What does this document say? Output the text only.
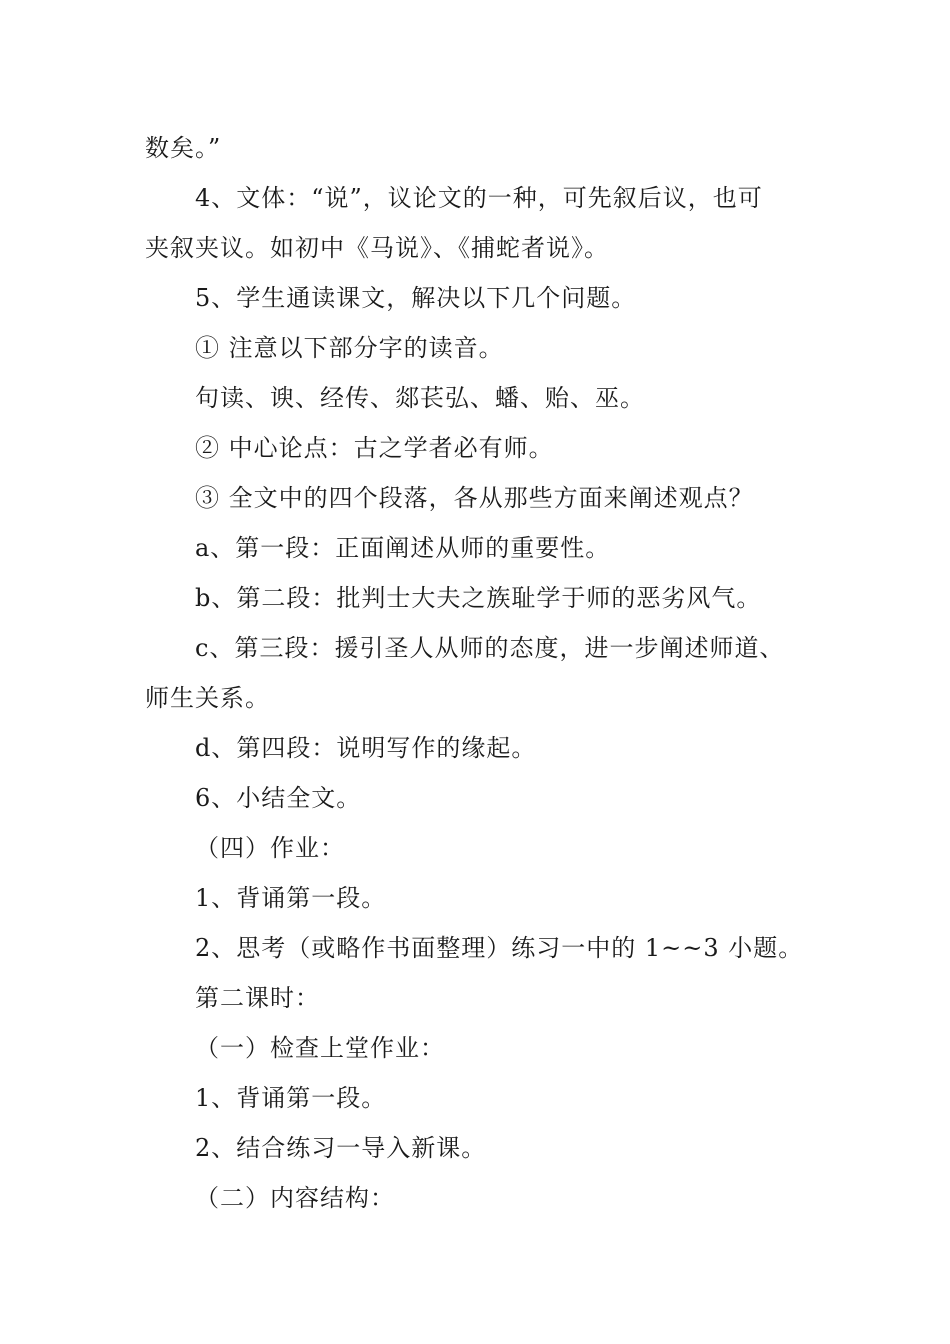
数矣。”
4、文体：“说”，议论文的一种，可先叙后议，也可
夹叙夹议。如初中《马说》、《捕蛇者说》。
5、学生通读课文，解决以下几个问题。
① 注意以下部分字的读音。
句读、谀、经传、郯苌弘、蟠、贻、巫。
② 中心论点：古之学者必有师。
③ 全文中的四个段落，各从那些方面来阐述观点？
a、第一段：正面阐述从师的重要性。
b、第二段：批判士大夫之族耻学于师的恶劣风气。
c、第三段：援引圣人从师的态度，进一步阐述师道、
师生关系。
d、第四段：说明写作的缘起。
6、小结全文。
（四）作业：
1、背诵第一段。
2、思考（或略作书面整理）练习一中的 1~~3 小题。
第二课时：
（一）检查上堂作业：
1、背诵第一段。
2、结合练习一导入新课。
（二）内容结构：
